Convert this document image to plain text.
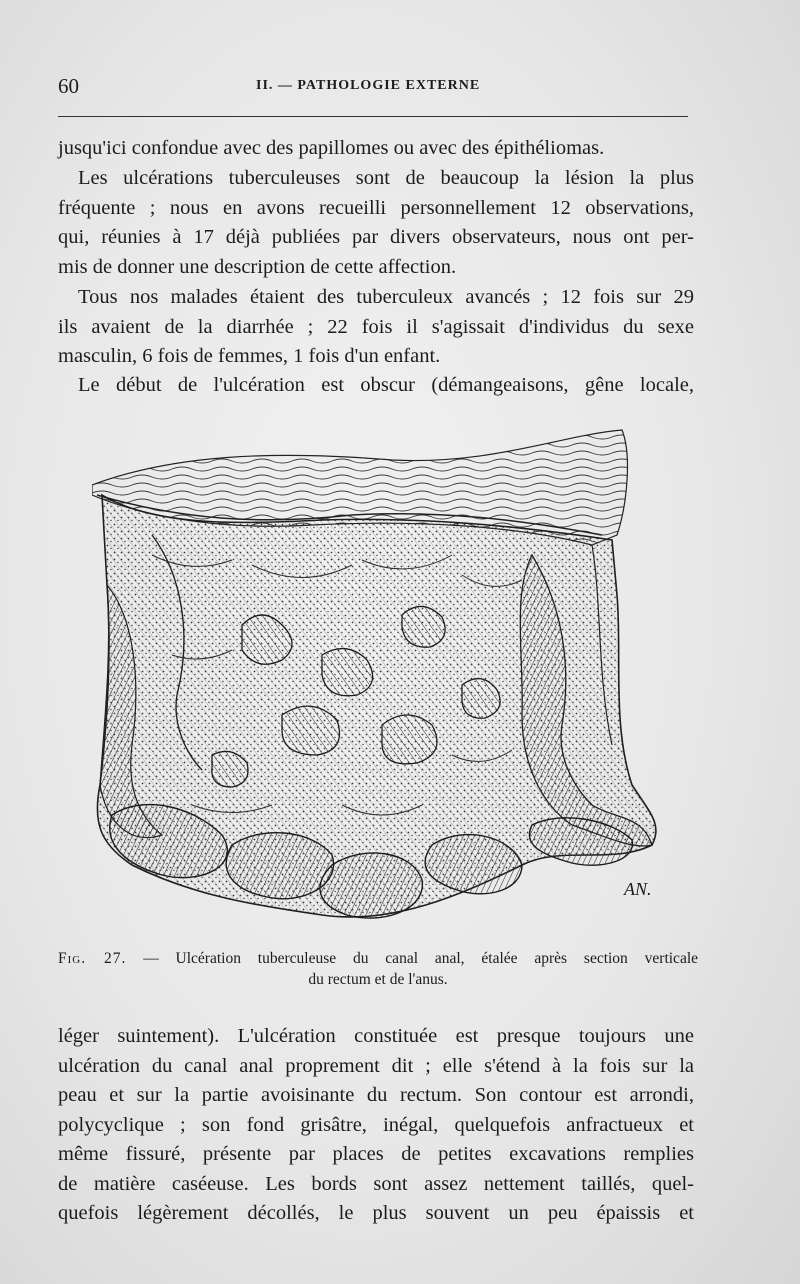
60	II. — PATHOLOGIE EXTERNE

jusqu'ici confondue avec des papillomes ou avec des épithéliomas.

Les ulcérations tuberculeuses sont de beaucoup la lésion la plus
fréquente ; nous en avons recueilli personnellement 12 observations,
qui, réunies à 17 déjà publiées par divers observateurs, nous ont per-
mis de donner une description de cette affection.

Tous nos malades étaient des tuberculeux avancés ; 12 fois sur 29
ils avaient de la diarrhée ; 22 fois il s'agissait d'individus du sexe
masculin, 6 fois de femmes, 1 fois d'un enfant.

Le début de l'ulcération est obscur (démangeaisons, gêne locale,

AN.
Fig. 27. — Ulcération tuberculeuse du canal anal, étalée après section verticale
du rectum et de l'anus.

léger suintement). L'ulcération constituée est presque toujours une
ulcération du canal anal proprement dit ; elle s'étend à la fois sur la
peau et sur la partie avoisinante du rectum. Son contour est arrondi,
polycyclique ; son fond grisâtre, inégal, quelquefois anfractueux et
même fissuré, présente par places de petites excavations remplies
de matière caséeuse. Les bords sont assez nettement taillés, quel-
quefois légèrement décollés, le plus souvent un peu épaissis et
